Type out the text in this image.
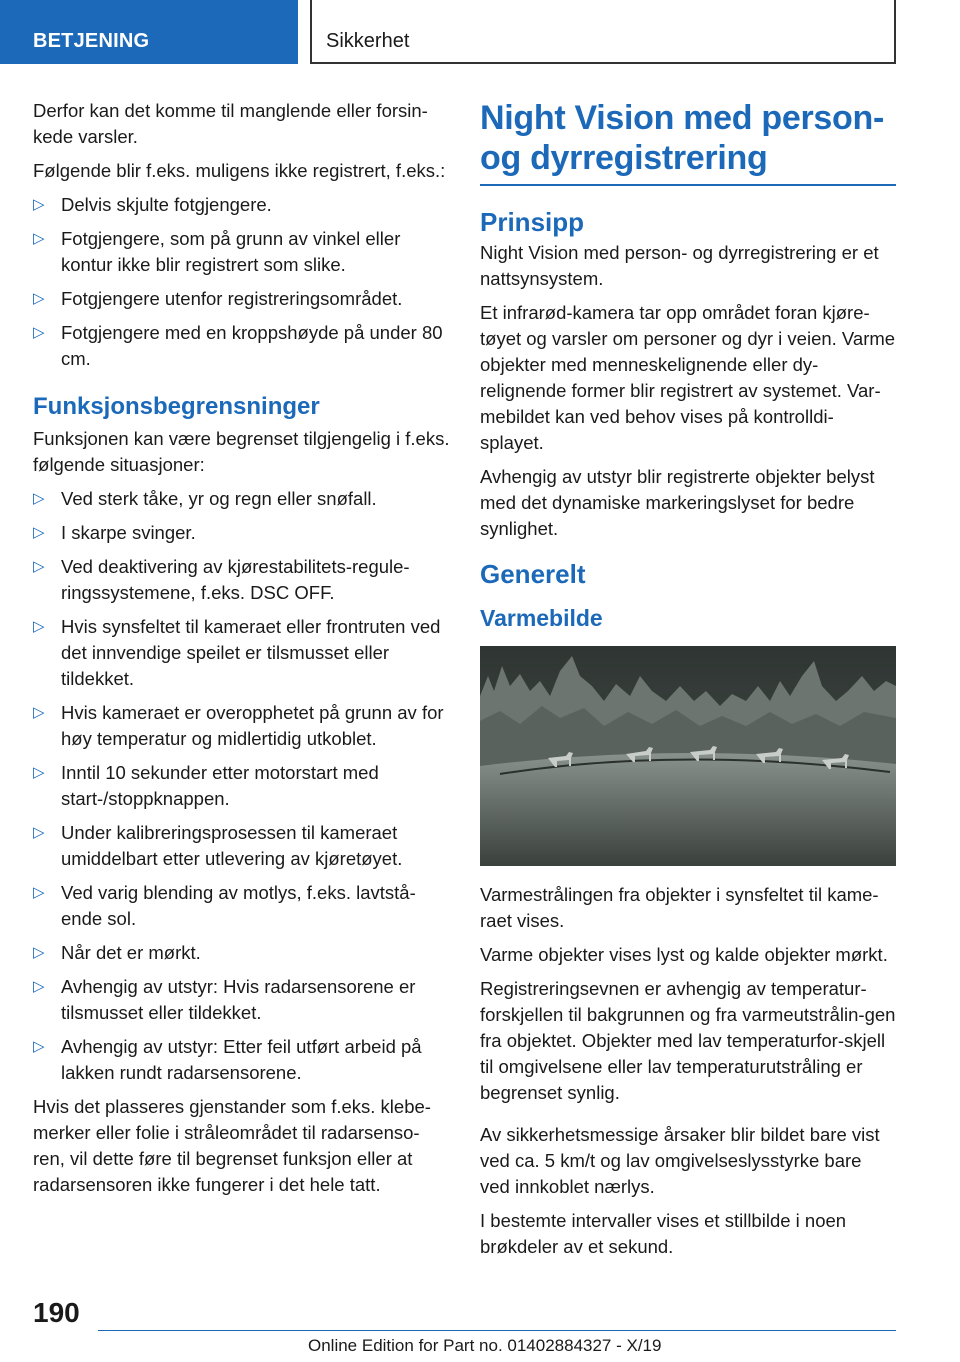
BETJENING	Sikkerhet

Derfor kan det komme til manglende eller forsin-kede varsler.

Følgende blir f.eks. muligens ikke registrert, f.eks.:

▷ Delvis skjulte fotgjengere.
▷ Fotgjengere, som på grunn av vinkel eller kontur ikke blir registrert som slike.
▷ Fotgjengere utenfor registreringsområdet.
▷ Fotgjengere med en kroppshøyde på under 80 cm.
Funksjonsbegrensninger

Funksjonen kan være begrenset tilgjengelig i f.eks. følgende situasjoner:

▷ Ved sterk tåke, yr og regn eller snøfall.
▷ I skarpe svinger.
▷ Ved deaktivering av kjørestabilitets-regule-ringssystemene, f.eks. DSC OFF.
▷ Hvis synsfeltet til kameraet eller frontruten ved det innvendige speilet er tilsmusset eller tildekket.
▷ Hvis kameraet er overopphetet på grunn av for høy temperatur og midlertidig utkoblet.
▷ Inntil 10 sekunder etter motorstart med start-/stoppknappen.
▷ Under kalibreringsprosessen til kameraet umiddelbart etter utlevering av kjøretøyet.
▷ Ved varig blending av motlys, f.eks. lavtstå-ende sol.
▷ Når det er mørkt.
▷ Avhengig av utstyr: Hvis radarsensorene er tilsmusset eller tildekket.
▷ Avhengig av utstyr: Etter feil utført arbeid på lakken rundt radarsensorene.

Hvis det plasseres gjenstander som f.eks. klebe-merker eller folie i stråleområdet til radarsenso-ren, vil dette føre til begrenset funksjon eller at radarsensoren ikke fungerer i det hele tatt.

Night Vision med person- og dyrregistrering
Prinsipp

Night Vision med person- og dyrregistrering er et nattsynsystem.

Et infrarød-kamera tar opp området foran kjøre-tøyet og varsler om personer og dyr i veien. Varme objekter med menneskelignende eller dy-relignende former blir registrert av systemet. Var-mebildet kan ved behov vises på kontrolldi-splayet.

Avhengig av utstyr blir registrerte objekter belyst med det dynamiske markeringslyset for bedre synlighet.

Generelt
Varmebilde

Varmestrålingen fra objekter i synsfeltet til kame-raet vises.

Varme objekter vises lyst og kalde objekter mørkt.

Registreringsevnen er avhengig av temperatur-forskjellen til bakgrunnen og fra varmeutstrålin-gen fra objektet. Objekter med lav temperaturfor-skjell til omgivelsene eller lav temperaturutstråling er begrenset synlig.

Av sikkerhetsmessige årsaker blir bildet bare vist ved ca. 5 km/t og lav omgivelseslysstyrke bare ved innkoblet nærlys.

I bestemte intervaller vises et stillbilde i noen brøkdeler av et sekund.

190
Online Edition for Part no. 01402884327 - X/19
